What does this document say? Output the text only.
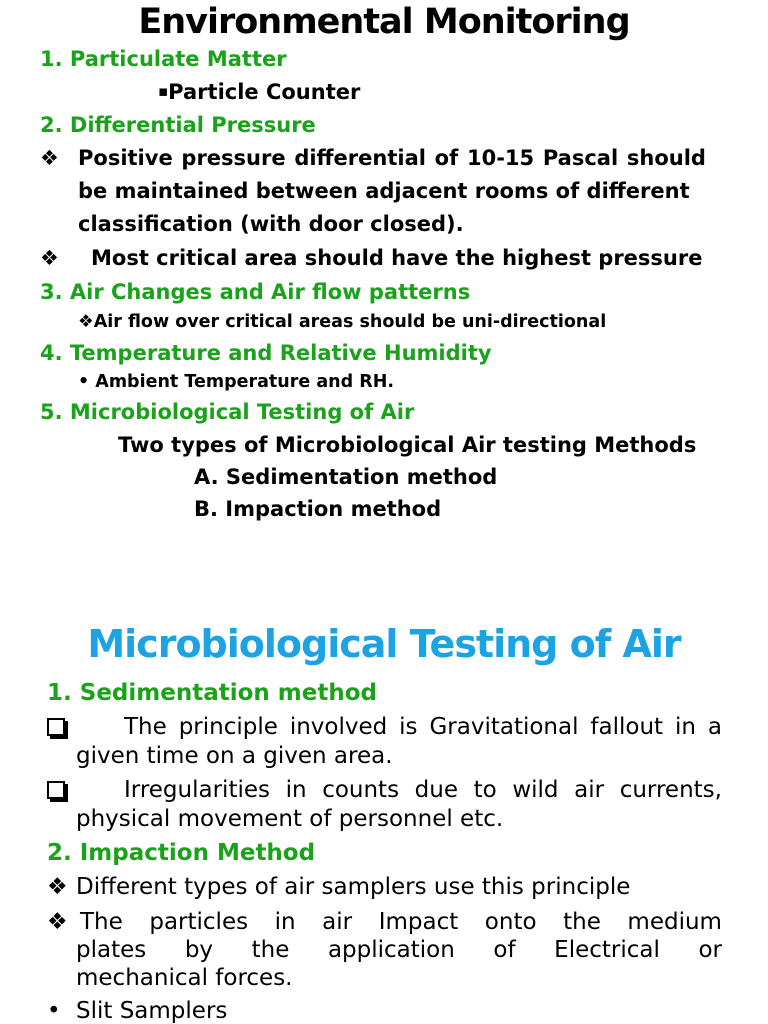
Environmental Monitoring
1. Particulate Matter
▪Particle Counter
2. Differential Pressure
❖ Positive pressure differential of 10-15 Pascal should
be maintained between adjacent rooms of different
classification (with door closed).
❖ Most critical area should have the highest pressure
3. Air Changes and Air flow patterns
❖Air flow over critical areas should be uni-directional
4. Temperature and Relative Humidity
• Ambient Temperature and RH.
5. Microbiological Testing of Air
Two types of Microbiological Air testing Methods
A. Sedimentation method
B. Impaction method
Microbiological Testing of Air
1. Sedimentation method
The principle involved is Gravitational fallout in a
given time on a given area.
Irregularities in counts due to wild air currents,
physical movement of personnel etc.
2. Impaction Method
❖ Different types of air samplers use this principle
❖ The particles in air Impact onto the medium
plates by the application of Electrical or
mechanical forces.
• Slit Samplers
